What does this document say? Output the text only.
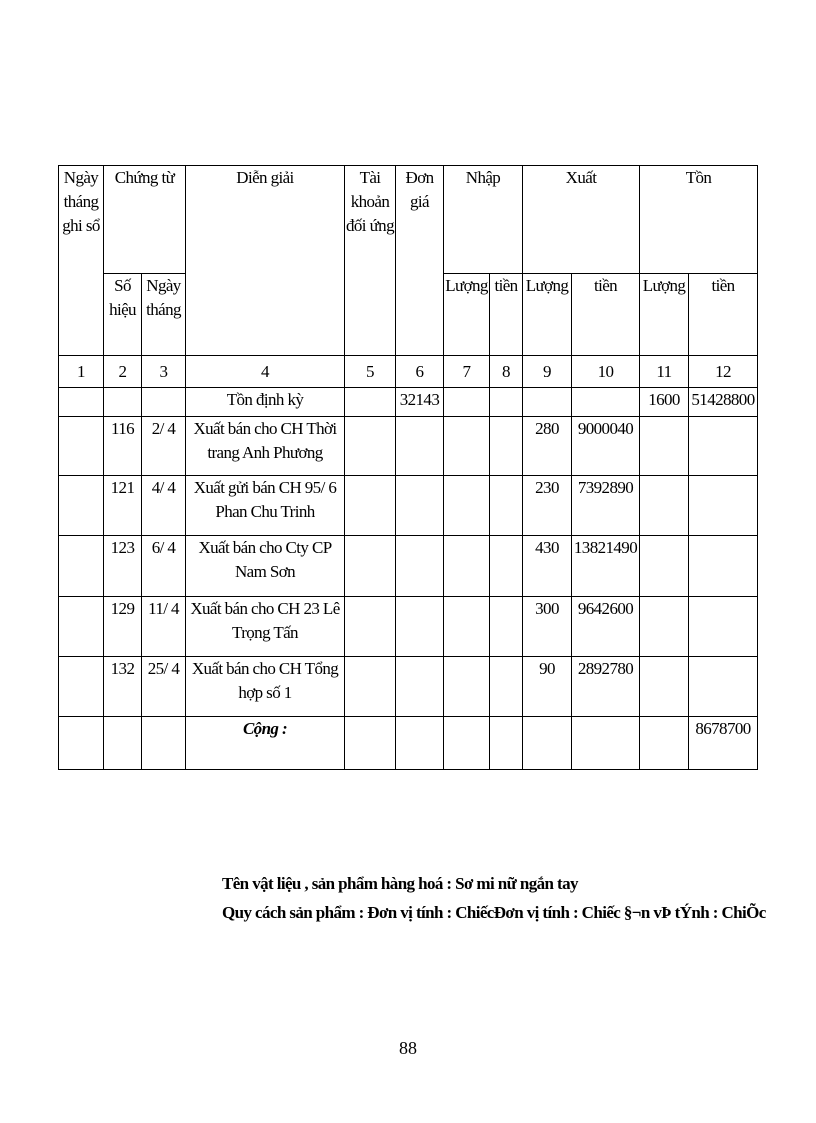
Ngày tháng ghi sổ	Chứng từ		Diễn giải	Tài khoản đối ứng	Đơn giá	Nhập		Xuất		Tồn	
	Số hiệu	Ngày tháng				Lượng	tiền	Lượng	tiền	Lượng	tiền
1	2	3	4	5	6	7	8	9	10	11	12
			Tồn định kỳ		32143					1600	51428800
	116	2/ 4	Xuất bán cho CH Thời trang Anh Phương					280	9000040		
	121	4/ 4	Xuất gửi bán CH 95/ 6 Phan Chu Trinh					230	7392890		
	123	6/ 4	Xuất bán cho Cty CP Nam Sơn					430	13821490		
	129	11/ 4	Xuất bán cho CH 23 Lê Trọng Tấn					300	9642600		
	132	25/ 4	Xuất bán cho CH Tổng hợp số 1					90	2892780		
			Cộng :								8678700
Tên vật liệu , sản phẩm hàng hoá : Sơ mi nữ ngắn tay
Quy cách sản phẩm : Đơn vị tính : ChiếcĐơn vị tính : Chiếc §¬n vÞ tÝnh : ChiÕc
88
